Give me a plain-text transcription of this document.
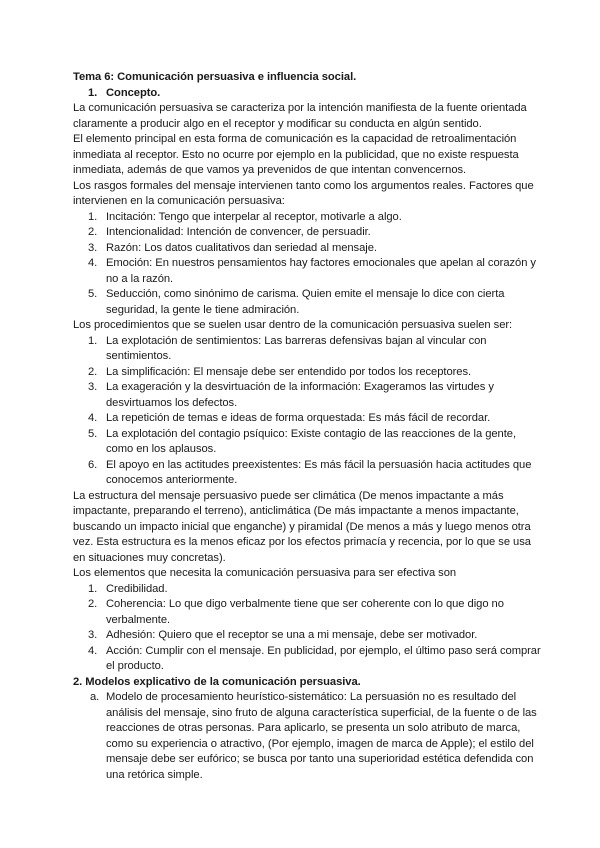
Tema 6: Comunicación persuasiva e influencia social.

1. Concepto.

La comunicación persuasiva se caracteriza por la intención manifiesta de la fuente orientada claramente a producir algo en el receptor y modificar su conducta en algún sentido.

El elemento principal en esta forma de comunicación es la capacidad de retroalimentación inmediata al receptor. Esto no ocurre por ejemplo en la publicidad, que no existe respuesta inmediata, además de que vamos ya prevenidos de que intentan convencernos.

Los rasgos formales del mensaje intervienen tanto como los argumentos reales. Factores que intervienen en la comunicación persuasiva:

1. Incitación: Tengo que interpelar al receptor, motivarle a algo.
2. Intencionalidad: Intención de convencer, de persuadir.
3. Razón: Los datos cualitativos dan seriedad al mensaje.
4. Emoción: En nuestros pensamientos hay factores emocionales que apelan al corazón y no a la razón.
5. Seducción, como sinónimo de carisma. Quien emite el mensaje lo dice con cierta seguridad, la gente le tiene admiración.

Los procedimientos que se suelen usar dentro de la comunicación persuasiva suelen ser:

1. La explotación de sentimientos: Las barreras defensivas bajan al vincular con sentimientos.
2. La simplificación: El mensaje debe ser entendido por todos los receptores.
3. La exageración y la desvirtuación de la información: Exageramos las virtudes y desvirtuamos los defectos.
4. La repetición de temas e ideas de forma orquestada: Es más fácil de recordar.
5. La explotación del contagio psíquico: Existe contagio de las reacciones de la gente, como en los aplausos.
6. El apoyo en las actitudes preexistentes: Es más fácil la persuasión hacia actitudes que conocemos anteriormente.

La estructura del mensaje persuasivo puede ser climática (De menos impactante a más impactante, preparando el terreno), anticlimática (De más impactante a menos impactante, buscando un impacto inicial que enganche) y piramidal (De menos a más y luego menos otra vez. Esta estructura es la menos eficaz por los efectos primacía y recencia, por lo que se usa en situaciones muy concretas).

Los elementos que necesita la comunicación persuasiva para ser efectiva son

1. Credibilidad.
2. Coherencia: Lo que digo verbalmente tiene que ser coherente con lo que digo no verbalmente.
3. Adhesión: Quiero que el receptor se una a mi mensaje, debe ser motivador.
4. Acción: Cumplir con el mensaje. En publicidad, por ejemplo, el último paso será comprar el producto.

2. Modelos explicativo de la comunicación persuasiva.

a. Modelo de procesamiento heurístico-sistemático: La persuasión no es resultado del análisis del mensaje, sino fruto de alguna característica superficial, de la fuente o de las reacciones de otras personas. Para aplicarlo, se presenta un solo atributo de marca, como su experiencia o atractivo, (Por ejemplo, imagen de marca de Apple); el estilo del mensaje debe ser eufórico; se busca por tanto una superioridad estética defendida con una retórica simple.
